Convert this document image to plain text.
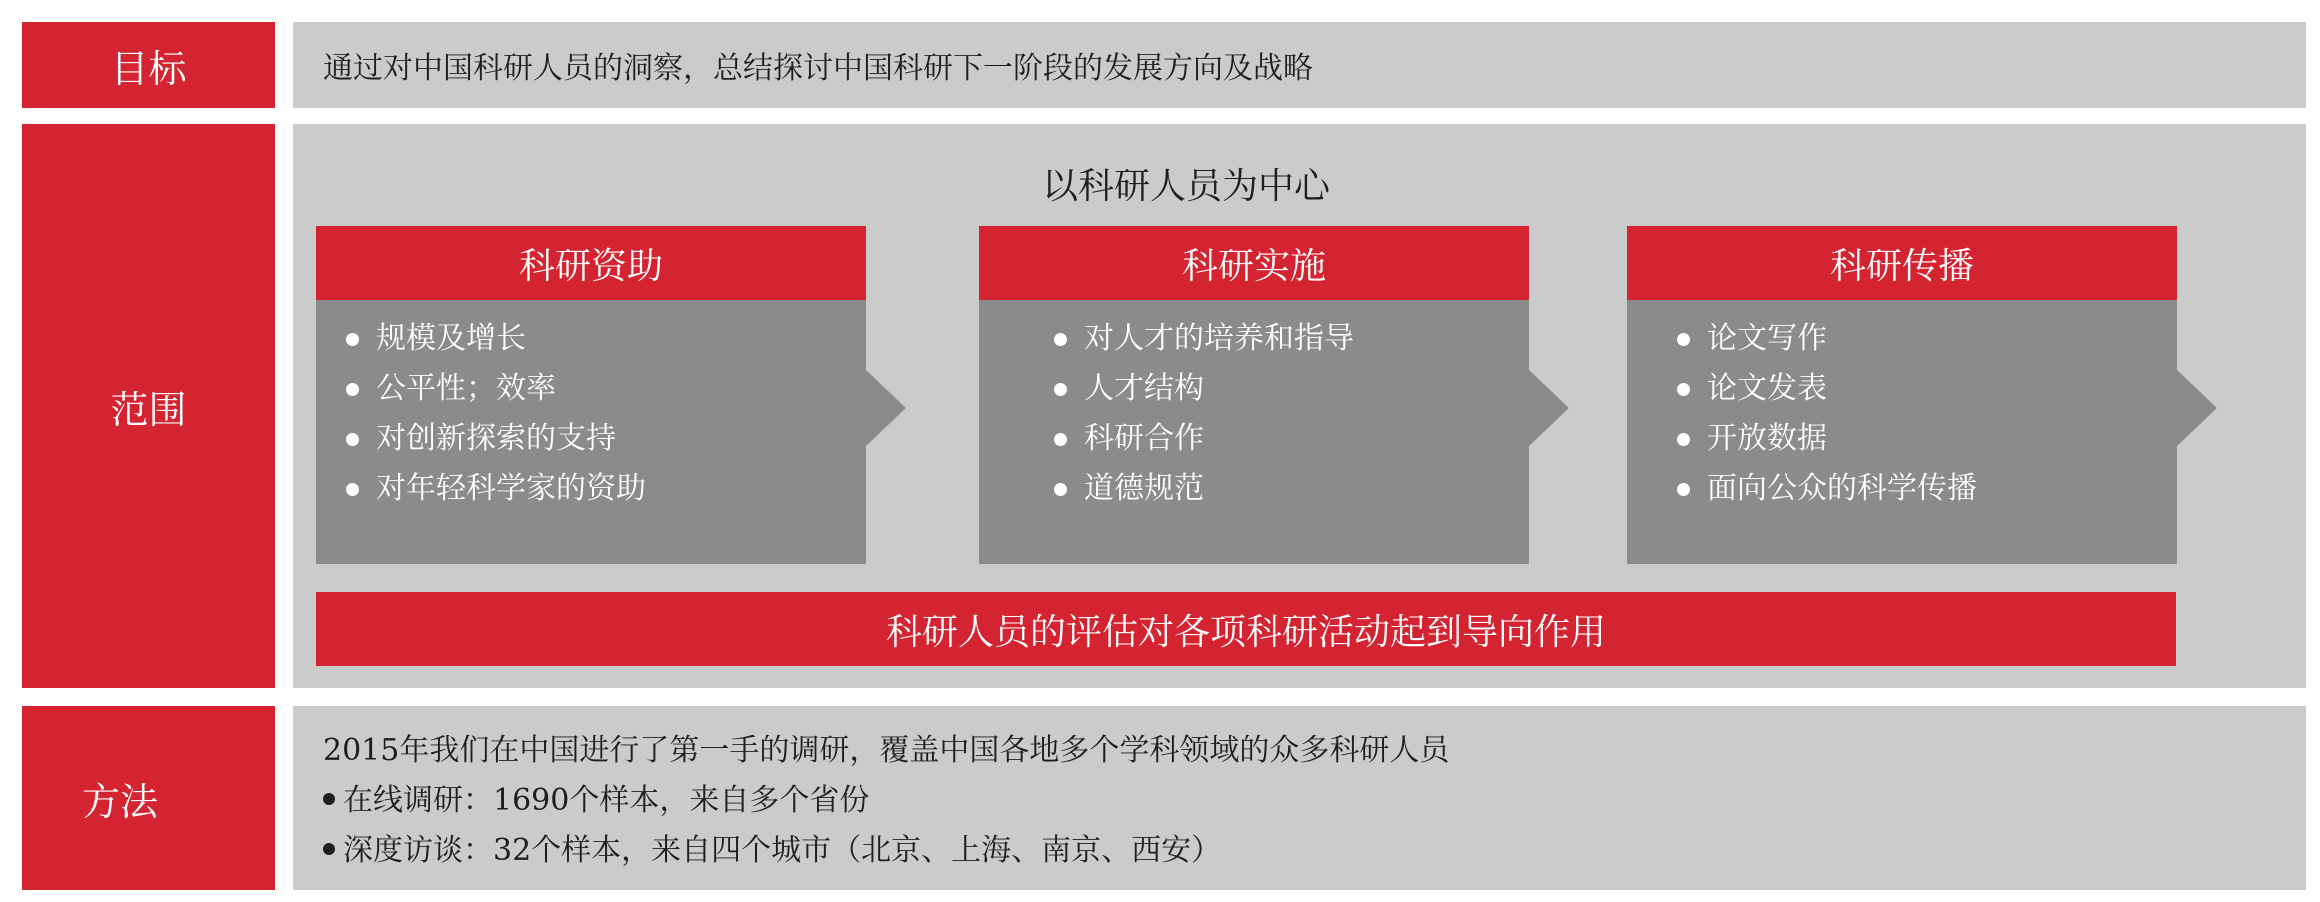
目标	通过对中国科研人员的洞察，总结探讨中国科研下一阶段的发展方向及战略
范围
以科研人员为中心
科研资助
规模及增长
公平性；效率
对创新探索的支持
对年轻科学家的资助
科研实施
对人才的培养和指导
人才结构
科研合作
道德规范
科研传播
论文写作
论文发表
开放数据
面向公众的科学传播
科研人员的评估对各项科研活动起到导向作用
方法
2015年我们在中国进行了第一手的调研，覆盖中国各地多个学科领域的众多科研人员
在线调研：1690个样本，来自多个省份
深度访谈：32个样本，来自四个城市（北京、上海、南京、西安）
